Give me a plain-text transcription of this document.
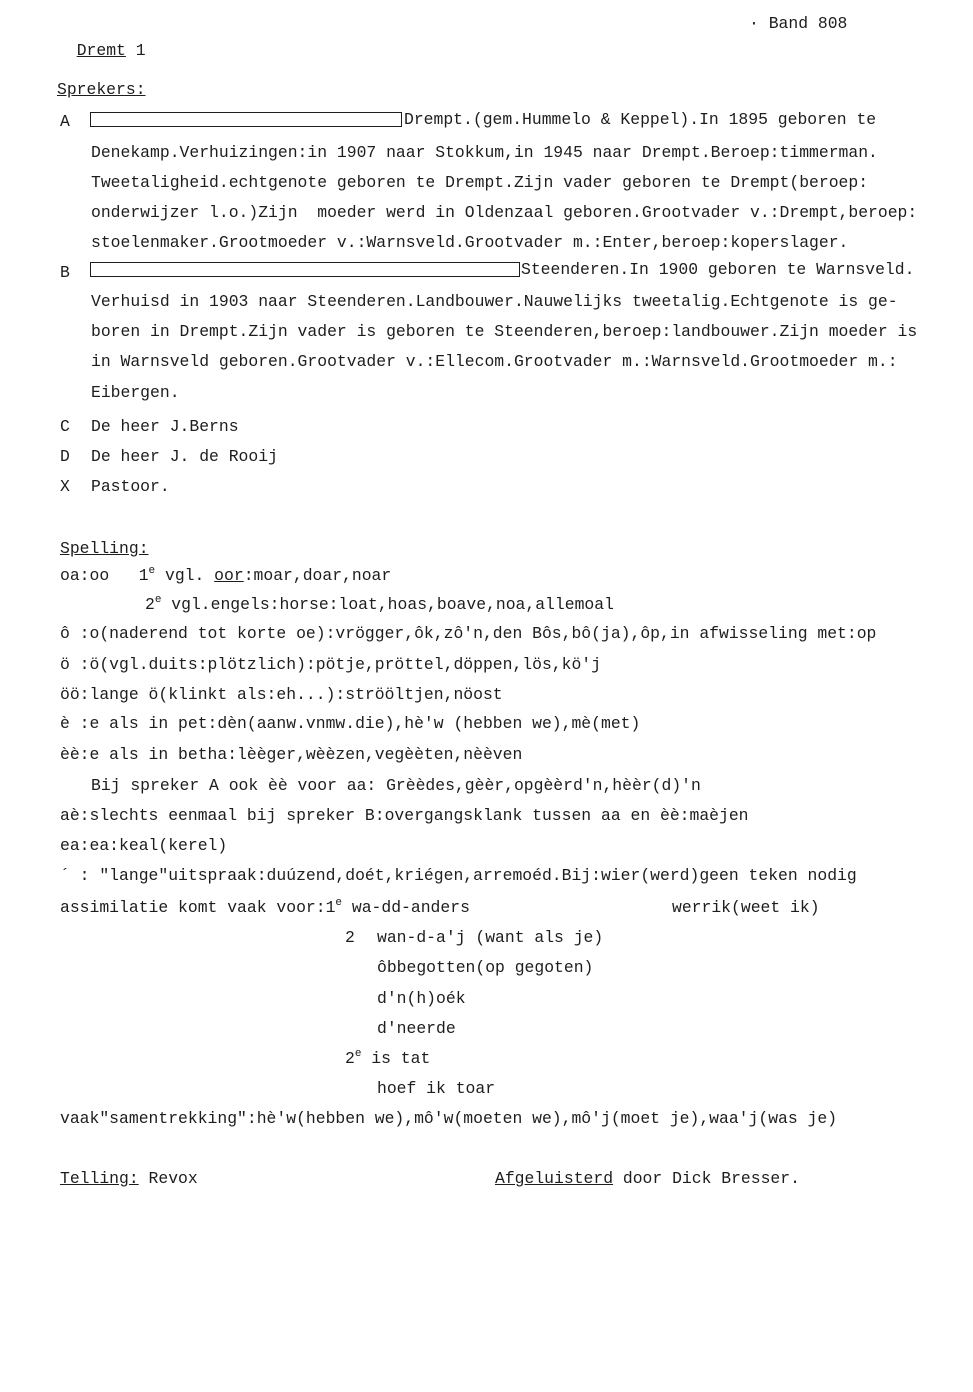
Dremt 1

· Band 808
Sprekers:
A	Drempt.(gem.Hummelo & Keppel).In 1895 geboren te
Denekamp.Verhuizingen:in 1907 naar Stokkum,in 1945 naar Drempt.Beroep:timmerman.
Tweetaligheid.echtgenote geboren te Drempt.Zijn vader geboren te Drempt(beroep:
onderwijzer l.o.)Zijn  moeder werd in Oldenzaal geboren.Grootvader v.:Drempt,beroep:
stoelenmaker.Grootmoeder v.:Warnsveld.Grootvader m.:Enter,beroep:koperslager.
B	Steenderen.In 1900 geboren te Warnsveld.
Verhuisd in 1903 naar Steenderen.Landbouwer.Nauwelijks tweetalig.Echtgenote is ge-
boren in Drempt.Zijn vader is geboren te Steenderen,beroep:landbouwer.Zijn moeder is
in Warnsveld geboren.Grootvader v.:Ellecom.Grootvader m.:Warnsveld.Grootmoeder m.:
Eibergen.
C De heer J.Berns
D De heer J. de Rooij
X Pastoor.
Spelling:
oa:oo   1e vgl. oor:moar,doar,noar
2e vgl.engels:horse:loat,hoas,boave,noa,allemoal
ô :o(naderend tot korte oe):vrögger,ôk,zô'n,den Bôs,bô(ja),ôp,in afwisseling met:op
ö :ö(vgl.duits:plötzlich):pötje,pröttel,döppen,lös,kö'j
öö:lange ö(klinkt als:eh...):strööltjen,nöost
è :e als in pet:dèn(aanw.vnmw.die),hè'w (hebben we),mè(met)
èè:e als in betha:lèèger,wèèzen,vegèèten,nèèven
Bij spreker A ook èè voor aa: Grèèdes,gèèr,opgèèrd'n,hèèr(d)'n
aè:slechts eenmaal bij spreker B:overgangsklank tussen aa en èè:maèjen
ea:ea:keal(kerel)
´ : "lange"uitspraak:duúzend,doét,kriégen,arremoéd.Bij:wier(werd)geen teken nodig
assimilatie komt vaak voor:1e wa-dd-anders	werrik(weet ik)
2 wan-d-a'j (want als je)
ôbbegotten(op gegoten)
d'n(h)oék
d'neerde
2e is tat
hoef ik toar
vaak"samentrekking":hè'w(hebben we),mô'w(moeten we),mô'j(moet je),waa'j(was je)
Telling: Revox	Afgeluisterd door Dick Bresser.
